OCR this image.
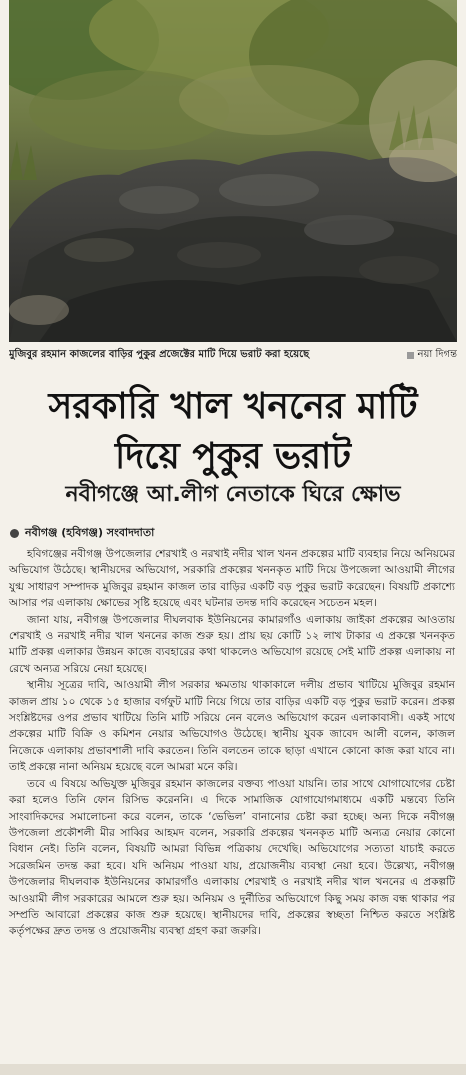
মুজিবুর রহমান কাজলের বাড়ির পুকুর প্রজেক্টের মাটি দিয়ে ভরাট করা হয়েছে	নয়া দিগন্ত
সরকারি খাল খননের মাটি
দিয়ে পুকুর ভরাট
নবীগঞ্জে আ.লীগ নেতাকে ঘিরে ক্ষোভ
নবীগঞ্জ (হবিগঞ্জ) সংবাদদাতা

হবিগঞ্জের নবীগঞ্জ উপজেলার শেরখাই ও নরখাই নদীর খাল খনন প্রকল্পের মাটি ব্যবহার নিয়ে অনিয়মের অভিযোগ উঠেছে। স্থানীয়দের অভিযোগ, সরকারি প্রকল্পের খননকৃত মাটি দিয়ে উপজেলা আওয়ামী লীগের যুগ্ম সাধারণ সম্পাদক মুজিবুর রহমান কাজল তার বাড়ির একটি বড় পুকুর ভরাট করেছেন। বিষয়টি প্রকাশ্যে আসার পর এলাকায় ক্ষোভের সৃষ্টি হয়েছে এবং ঘটনার তদন্ত দাবি করেছেন সচেতন মহল।

জানা যায়, নবীগঞ্জ উপজেলার দীঘলবাক ইউনিয়নের কামারগাঁও এলাকায় জাইকা প্রকল্পের আওতায় শেরখাই ও নরখাই নদীর খাল খননের কাজ শুরু হয়। প্রায় ছয় কোটি ১২ লাখ টাকার এ প্রকল্পে খননকৃত মাটি প্রকল্প এলাকার উন্নয়ন কাজে ব্যবহারের কথা থাকলেও অভিযোগ রয়েছে সেই মাটি প্রকল্প এলাকায় না রেখে অন্যত্র সরিয়ে নেয়া হয়েছে।

স্থানীয় সূত্রের দাবি, আওয়ামী লীগ সরকার ক্ষমতায় থাকাকালে দলীয় প্রভাব খাটিয়ে মুজিবুর রহমান কাজল প্রায় ১০ থেকে ১৫ হাজার বর্গফুট মাটি নিয়ে গিয়ে তার বাড়ির একটি বড় পুকুর ভরাট করেন। প্রকল্প সংশ্লিষ্টদের ওপর প্রভাব খাটিয়ে তিনি মাটি সরিয়ে নেন বলেও অভিযোগ করেন এলাকাবাসী। একই সাথে প্রকল্পের মাটি বিক্রি ও কমিশন নেয়ার অভিযোগও উঠেছে। স্থানীয় যুবক জাবেদ আলী বলেন, কাজল নিজেকে এলাকায় প্রভাবশালী দাবি করতেন। তিনি বলতেন তাকে ছাড়া এখানে কোনো কাজ করা যাবে না। তাই প্রকল্পে নানা অনিয়ম হয়েছে বলে আমরা মনে করি।

তবে এ বিষয়ে অভিযুক্ত মুজিবুর রহমান কাজলের বক্তব্য পাওয়া যায়নি। তার সাথে যোগাযোগের চেষ্টা করা হলেও তিনি ফোন রিসিভ করেননি। এ দিকে সামাজিক যোগাযোগমাধ্যমে একটি মন্তব্যে তিনি সাংবাদিকদের সমালোচনা করে বলেন, তাকে ‘ভেভিল’ বানানোর চেষ্টা করা হচ্ছে। অন্য দিকে নবীগঞ্জ উপজেলা প্রকৌশলী মীর সাব্বির আহমদ বলেন, সরকারি প্রকল্পের খননকৃত মাটি অন্যত্র নেয়ার কোনো বিধান নেই। তিনি বলেন, বিষয়টি আমরা বিভিন্ন পত্রিকায় দেখেছি। অভিযোগের সত্যতা যাচাই করতে সরেজমিন তদন্ত করা হবে। যদি অনিয়ম পাওয়া যায়, প্রয়োজনীয় ব্যবস্থা নেয়া হবে। উল্লেখ্য, নবীগঞ্জ উপজেলার দীঘলবাক ইউনিয়নের কামারগাঁও এলাকায় শেরখাই ও নরখাই নদীর খাল খননের এ প্রকল্পটি আওয়ামী লীগ সরকারের আমলে শুরু হয়। অনিয়ম ও দুর্নীতির অভিযোগে কিছু সময় কাজ বন্ধ থাকার পর সম্প্রতি আবারো প্রকল্পের কাজ শুরু হয়েছে। স্থানীয়দের দাবি, প্রকল্পের স্বচ্ছতা নিশ্চিত করতে সংশ্লিষ্ট কর্তৃপক্ষের দ্রুত তদন্ত ও প্রয়োজনীয় ব্যবস্থা গ্রহণ করা জরুরি।
